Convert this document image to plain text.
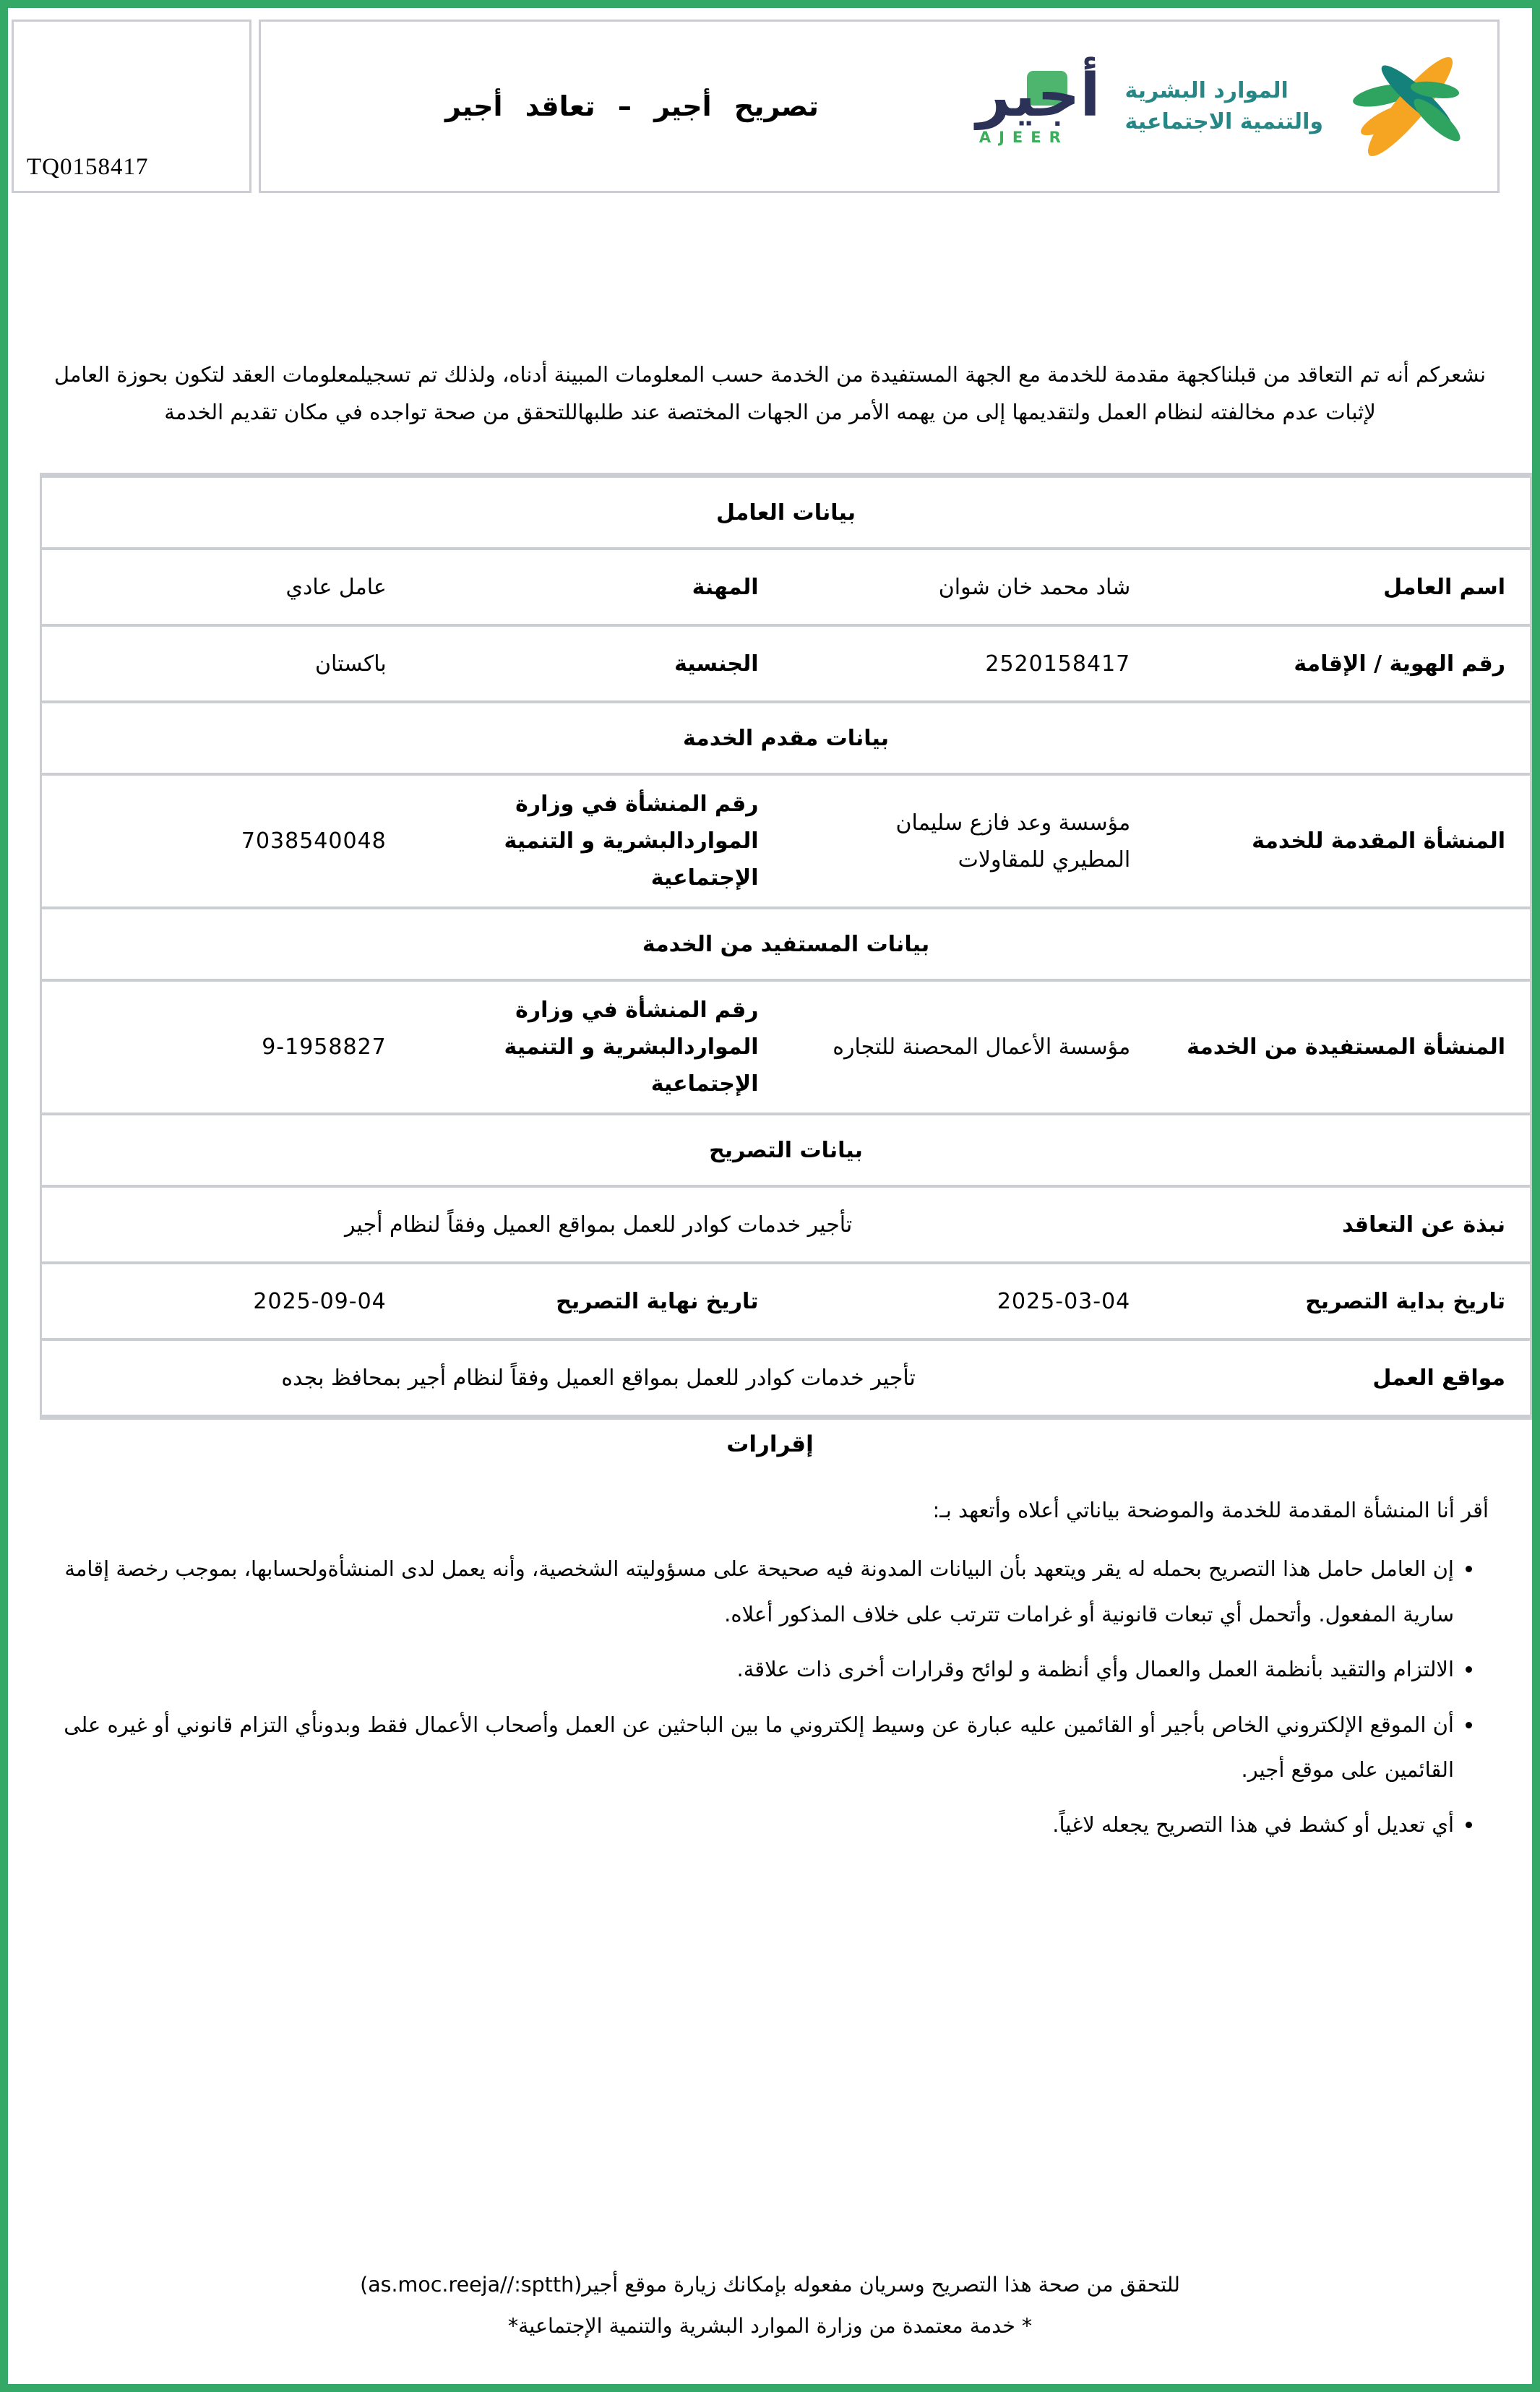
TQ0158417
تصريح أجير – تعاقد أجير	أجير
AJEER
الموارد البشرية
والتنمية الاجتماعية

نشعركم أنه تم التعاقد من قبلناكجهة مقدمة للخدمة مع الجهة المستفيدة من الخدمة حسب المعلومات المبينة أدناه، ولذلك تم تسجيلمعلومات العقد لتكون بحوزة العامل لإثبات عدم مخالفته لنظام العمل ولتقديمها إلى من يهمه الأمر من الجهات المختصة عند طلبهاللتحقق من صحة تواجده في مكان تقديم الخدمة

بيانات العامل			
اسم العامل	شاد محمد خان شوان	المهنة	عامل عادي
رقم الهوية / الإقامة	2520158417	الجنسية	باكستان
بيانات مقدم الخدمة			
المنشأة المقدمة للخدمة	مؤسسة وعد فازع سليمان المطيري للمقاولات	رقم المنشأة في وزارة المواردالبشرية و التنمية الإجتماعية	7038540048
بيانات المستفيد من الخدمة			
المنشأة المستفيدة من الخدمة	مؤسسة الأعمال المحصنة للتجاره	رقم المنشأة في وزارة المواردالبشرية و التنمية الإجتماعية	9-1958827
بيانات التصريح			
نبذة عن التعاقد	تأجير خدمات كوادر للعمل بمواقع العميل وفقاً لنظام أجير		
تاريخ بداية التصريح	2025-03-04	تاريخ نهاية التصريح	2025-09-04
مواقع العمل	تأجير خدمات كوادر للعمل بمواقع العميل وفقاً لنظام أجير بمحافظ بجده		
إقرارات

أقر أنا المنشأة المقدمة للخدمة والموضحة بياناتي أعلاه وأتعهد بـ:

• إن العامل حامل هذا التصريح بحمله له يقر ويتعهد بأن البيانات المدونة فيه صحيحة على مسؤوليته الشخصية، وأنه يعمل لدى المنشأةولحسابها، بموجب رخصة إقامة سارية المفعول. وأتحمل أي تبعات قانونية أو غرامات تترتب على خلاف المذكور أعلاه.
• الالتزام والتقيد بأنظمة العمل والعمال وأي أنظمة و لوائح وقرارات أخرى ذات علاقة.
• أن الموقع الإلكتروني الخاص بأجير أو القائمين عليه عبارة عن وسيط إلكتروني ما بين الباحثين عن العمل وأصحاب الأعمال فقط وبدونأي التزام قانوني أو غيره على القائمين على موقع أجير.
• أي تعديل أو كشط في هذا التصريح يجعله لاغياً.
للتحقق من صحة هذا التصريح وسريان مفعوله بإمكانك زيارة موقع أجير(as.moc.reeja//:sptth)
* خدمة معتمدة من وزارة الموارد البشرية والتنمية الإجتماعية*
